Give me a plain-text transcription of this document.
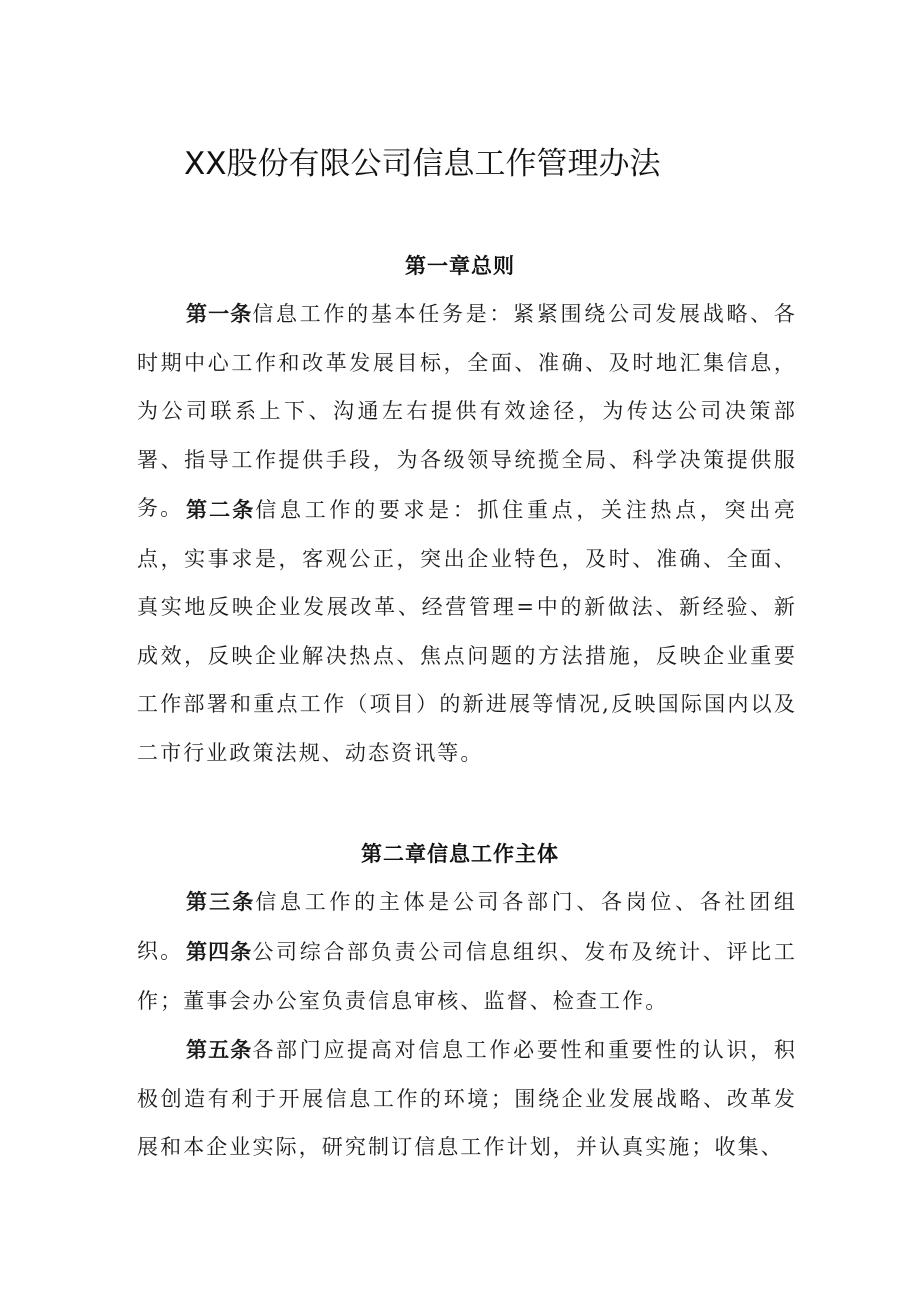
XX股份有限公司信息工作管理办法
第一章总则

第一条信息工作的基本任务是：紧紧围绕公司发展战略、各时期中心工作和改革发展目标，全面、准确、及时地汇集信息，为公司联系上下、沟通左右提供有效途径，为传达公司决策部署、指导工作提供手段，为各级领导统揽全局、科学决策提供服务。 第二条信息工作的要求是：抓住重点，关注热点，突出亮点，实事求是，客观公正，突出企业特色，及时、准确、全面、真实地反映企业发展改革、经营管理=中的新做法、新经验、新成效，反映企业解决热点、焦点问题的方法措施，反映企业重要工作部署和重点工作（项目）的新进展等情况,反映国际国内以及二市行业政策法规、动态资讯等。

第二章信息工作主体

第三条信息工作的主体是公司各部门、各岗位、各社团组织。 第四条公司综合部负责公司信息组织、发布及统计、评比工作；董事会办公室负责信息审核、监督、检查工作。

第五条各部门应提高对信息工作必要性和重要性的认识，积极创造有利于开展信息工作的环境；围绕企业发展战略、改革发展和本企业实际，研究制订信息工作计划，并认真实施；收集、
